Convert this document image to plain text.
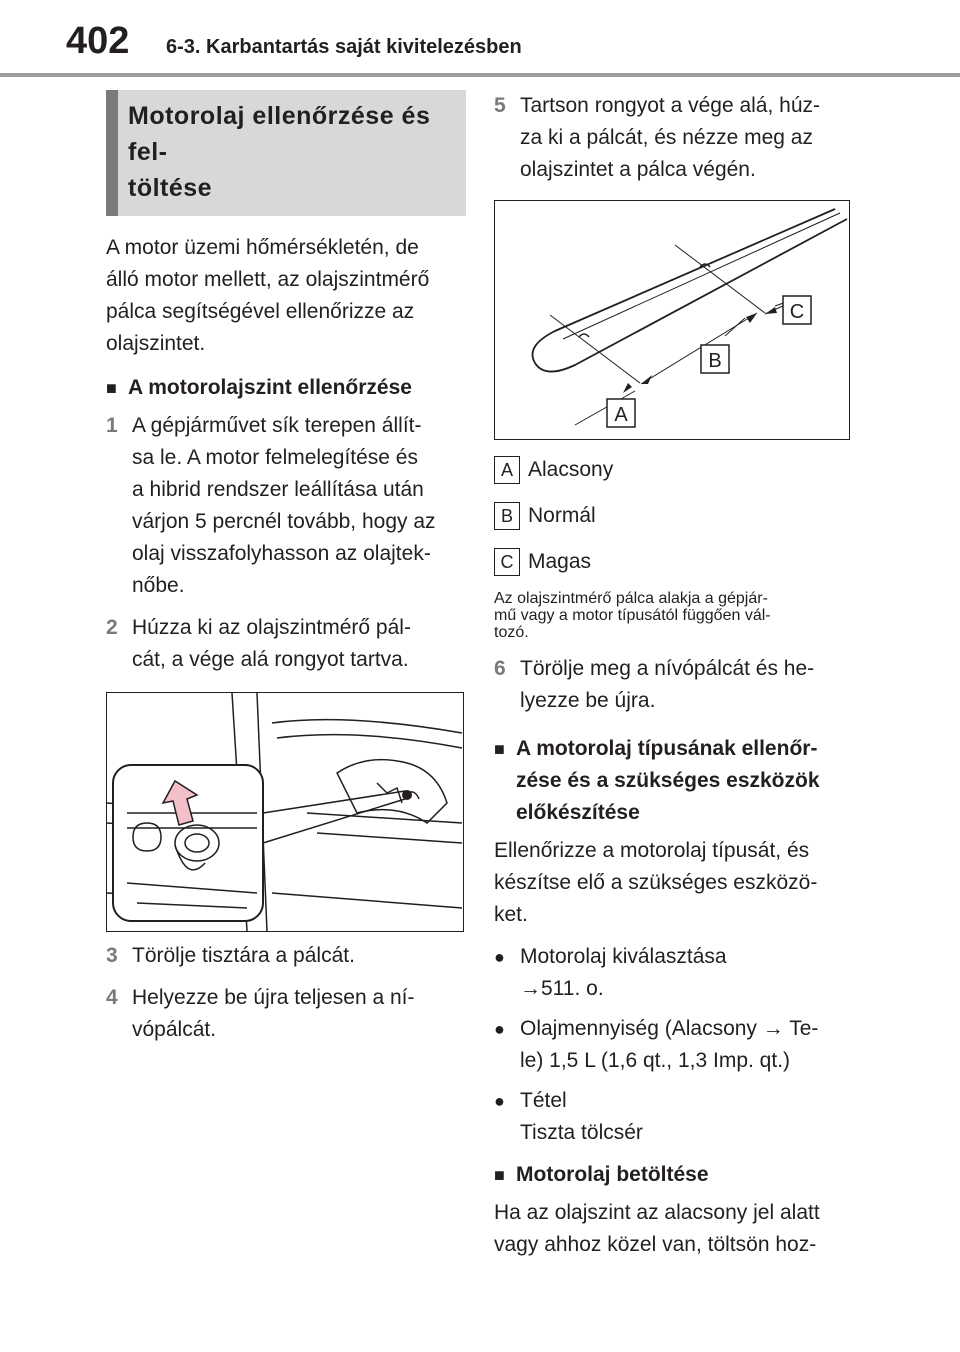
402 6-3. Karbantartás saját kivitelezésben
Motorolaj ellenőrzése és fel-
töltése

A motor üzemi hőmérsékletén, de

álló motor mellett, az olajszintmérő

pálca segítségével ellenőrizze az

olajszintet.

■ A motorolajszint ellenőrzése
1 A gépjárművet sík terepen állít-
sa le. A motor felmelegítése és
a hibrid rendszer leállítása után
várjon 5 percnél tovább, hogy az
olaj visszafolyhasson az olajtek-
nőbe.
2 Húzza ki az olajszintmérő pál-
cát, a vége alá rongyot tartva.
3 Törölje tisztára a pálcát.
4 Helyezze be újra teljesen a ní-
vópálcát.
5 Tartson rongyot a vége alá, húz-
za ki a pálcát, és nézze meg az
olajszintet a pálca végén.
C
B
A
A Alacsony
B Normál
C Magas
Az olajszintmérő pálca alakja a gépjár-
mű vagy a motor típusától függően vál-
tozó.
6 Törölje meg a nívópálcát és he-
lyezze be újra.
■ A motorolaj típusának ellenőr-
zése és a szükséges eszközök
előkészítése

Ellenőrizze a motorolaj típusát, és

készítse elő a szükséges eszközö-

ket.

● Motorolaj kiválasztása
→511. o.
● Olajmennyiség (Alacsony → Te-
le) 1,5 L (1,6 qt., 1,3 Imp. qt.)
● Tétel
Tiszta tölcsér
■ Motorolaj betöltése

Ha az olajszint az alacsony jel alatt

vagy ahhoz közel van, töltsön hoz-
